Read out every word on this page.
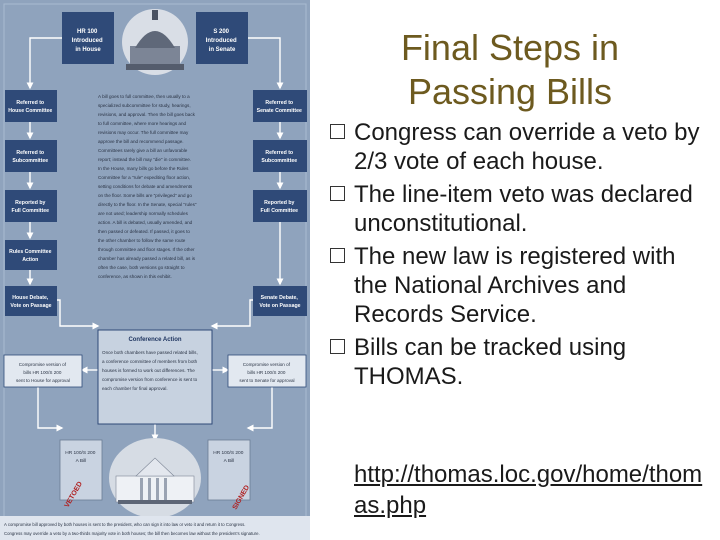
HR 100 Introduced in House
S 200 Introduced in Senate
Referred to House Committee Referred to Subcommittee Reported by Full Committee Rules Committee Action House Debate, Vote on Passage
Referred to Senate Committee Referred to Subcommittee Reported by Full Committee Senate Debate, Vote on Passage
A bill goes to full committee, then usually to a specialized subcommittee for study, hearings, revisions, and approval. Then the bill goes back to full committee, where more hearings and revisions may occur. The full committee may approve the bill and recommend passage. Committees rarely give a bill an unfavorable report; instead the bill may "die" in committee. In the House, many bills go before the Rules Committee for a "rule" expediting floor action, setting conditions for debate and amendments on the floor. Some bills are "privileged" and go directly to the floor. In the Senate, special "rules" are not used; leadership normally schedules action. A bill is debated, usually amended, and then passed or defeated. If passed, it goes to the other chamber to follow the same route through committee and floor stages. If the other chamber has already passed a related bill, as is often the case, both versions go straight to conference, as shown in this exhibit.
Conference Action
Once both chambers have passed related bills, a conference committee of members from both houses is formed to work out differences. The compromise version from conference is sent to each chamber for final approval.
Compromise version of bills HR 100/S 200 sent to House for approval
Compromise version of bills HR 100/S 200 sent to Senate for approval
HR 100/S 200 A Bill
VETOED
HR 100/S 200 A Bill
SIGNED
A compromise bill approved by both houses is sent to the president, who can sign it into law or veto it and return it to Congress. Congress may override a veto by a two-thirds majority vote in both houses; the bill then becomes law without the president's signature.
Final Steps in
Passing Bills
Congress can override a veto by 2/3 vote of each house.
The line-item veto was declared unconstitutional.
The new law is registered with the National Archives and Records Service.
Bills can be tracked using THOMAS.
http://thomas.loc.gov/home/thomas.php
